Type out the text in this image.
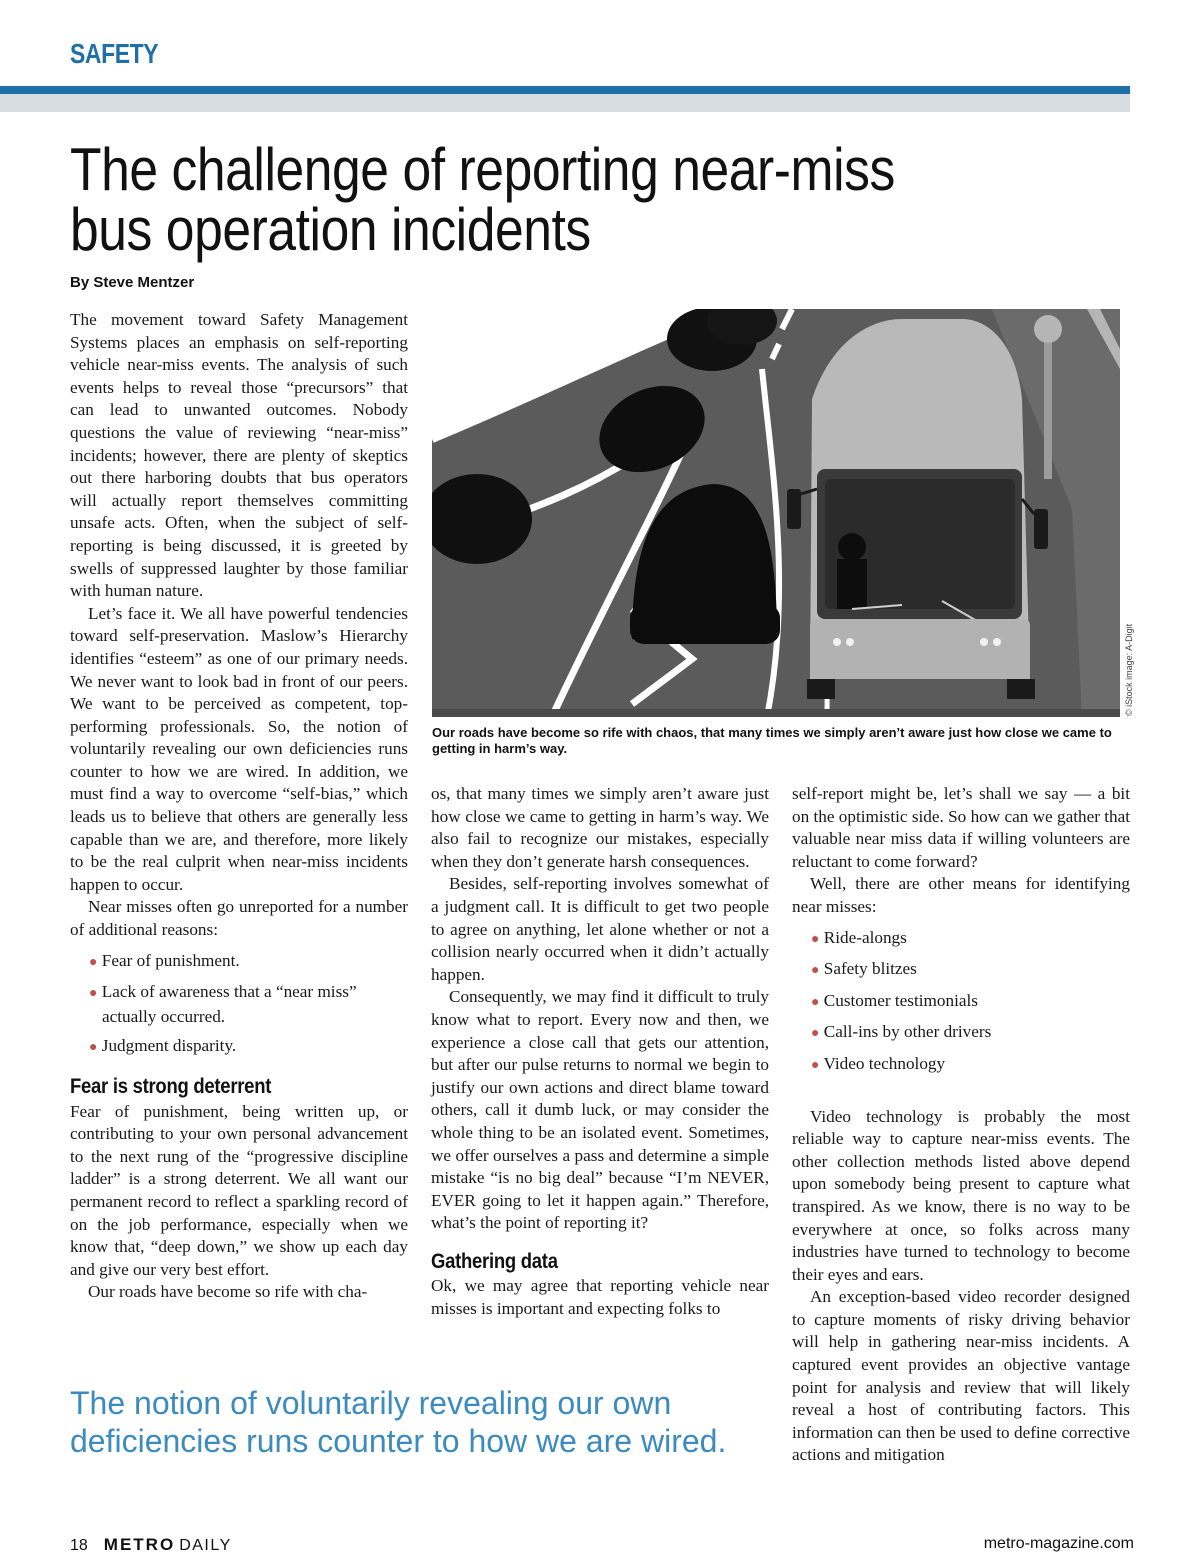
SAFETY
The challenge of reporting near-miss bus operation incidents
By Steve Mentzer

The movement toward Safety Management Systems places an emphasis on self-reporting vehicle near-miss events. The analysis of such events helps to reveal those “precursors” that can lead to unwanted outcomes. Nobody questions the value of reviewing “near-miss” incidents; however, there are plenty of skeptics out there harboring doubts that bus operators will actually report themselves committing unsafe acts. Often, when the subject of self-reporting is being discussed, it is greeted by swells of suppressed laughter by those familiar with human nature.

Let’s face it. We all have powerful tendencies toward self-preservation. Maslow’s Hierarchy identifies “esteem” as one of our primary needs. We never want to look bad in front of our peers. We want to be perceived as competent, top-performing professionals. So, the notion of voluntarily revealing our own deficiencies runs counter to how we are wired. In addition, we must find a way to overcome “self-bias,” which leads us to believe that others are generally less capable than we are, and therefore, more likely to be the real culprit when near-miss incidents happen to occur.

Near misses often go unreported for a number of additional reasons:

● Fear of punishment.
● Lack of awareness that a “near miss” actually occurred.
● Judgment disparity.
Fear is strong deterrent

Fear of punishment, being written up, or contributing to your own personal advancement to the next rung of the “progressive discipline ladder” is a strong deterrent. We all want our permanent record to reflect a sparkling record of on the job performance, especially when we know that, “deep down,” we show up each day and give our very best effort.

Our roads have become so rife with cha-

© iStock image: A-Digit
Our roads have become so rife with chaos, that many times we simply aren’t aware just how close we came to getting in harm’s way.

os, that many times we simply aren’t aware just how close we came to getting in harm’s way. We also fail to recognize our mistakes, especially when they don’t generate harsh consequences.

Besides, self-reporting involves somewhat of a judgment call. It is difficult to get two people to agree on anything, let alone whether or not a collision nearly occurred when it didn’t actually happen.

Consequently, we may find it difficult to truly know what to report. Every now and then, we experience a close call that gets our attention, but after our pulse returns to normal we begin to justify our own actions and direct blame toward others, call it dumb luck, or may consider the whole thing to be an isolated event. Sometimes, we offer ourselves a pass and determine a simple mistake “is no big deal” because “I’m NEVER, EVER going to let it happen again.” Therefore, what’s the point of reporting it?

Gathering data

Ok, we may agree that reporting vehicle near misses is important and expecting folks to

self-report might be, let’s shall we say — a bit on the optimistic side. So how can we gather that valuable near miss data if willing volunteers are reluctant to come forward?

Well, there are other means for identifying near misses:

● Ride-alongs
● Safety blitzes
● Customer testimonials
● Call-ins by other drivers
● Video technology

Video technology is probably the most reliable way to capture near-miss events. The other collection methods listed above depend upon somebody being present to capture what transpired. As we know, there is no way to be everywhere at once, so folks across many industries have turned to technology to become their eyes and ears.

An exception-based video recorder designed to capture moments of risky driving behavior will help in gathering near-miss incidents. A captured event provides an objective vantage point for analysis and review that will likely reveal a host of contributing factors. This information can then be used to define corrective actions and mitigation

The notion of voluntarily revealing our own deficiencies runs counter to how we are wired.
18 METRO DAILY	metro-magazine.com
